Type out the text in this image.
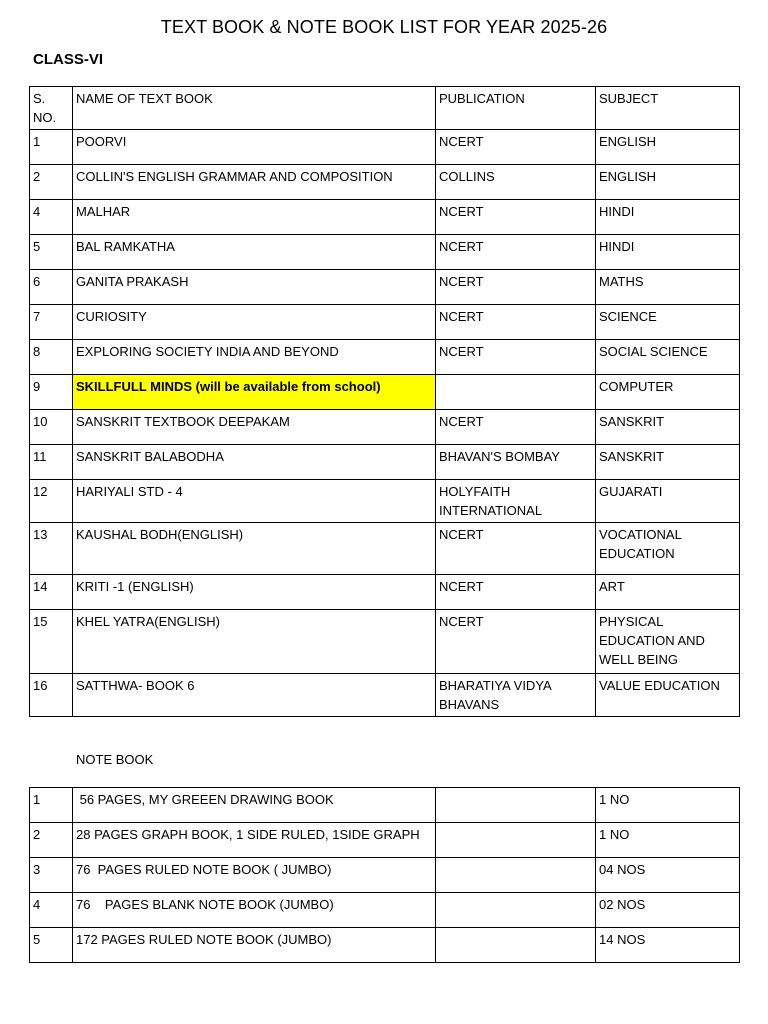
TEXT BOOK & NOTE BOOK LIST FOR YEAR 2025-26
CLASS-VI
S. NO.	NAME OF TEXT BOOK	PUBLICATION	SUBJECT
1	POORVI	NCERT	ENGLISH
2	COLLIN'S ENGLISH GRAMMAR AND COMPOSITION	COLLINS	ENGLISH
4	MALHAR	NCERT	HINDI
5	BAL RAMKATHA	NCERT	HINDI
6	GANITA PRAKASH	NCERT	MATHS
7	CURIOSITY	NCERT	SCIENCE
8	EXPLORING SOCIETY INDIA AND BEYOND	NCERT	SOCIAL SCIENCE
9	SKILLFULL MINDS (will be available from school)		COMPUTER
10	SANSKRIT TEXTBOOK DEEPAKAM	NCERT	SANSKRIT
11	SANSKRIT BALABODHA	BHAVAN'S BOMBAY	SANSKRIT
12	HARIYALI STD - 4	HOLYFAITH INTERNATIONAL	GUJARATI
13	KAUSHAL BODH(ENGLISH)	NCERT	VOCATIONAL EDUCATION
14	KRITI -1 (ENGLISH)	NCERT	ART
15	KHEL YATRA(ENGLISH)	NCERT	PHYSICAL EDUCATION AND WELL BEING
16	SATTHWA- BOOK 6	BHARATIYA VIDYA BHAVANS	VALUE EDUCATION
NOTE BOOK
1	56 PAGES, MY GREEEN DRAWING BOOK		1 NO
2	28 PAGES GRAPH BOOK, 1 SIDE RULED, 1SIDE GRAPH		1 NO
3	76  PAGES RULED NOTE BOOK ( JUMBO)		04 NOS
4	76    PAGES BLANK NOTE BOOK (JUMBO)		02 NOS
5	172 PAGES RULED NOTE BOOK (JUMBO)		14 NOS
